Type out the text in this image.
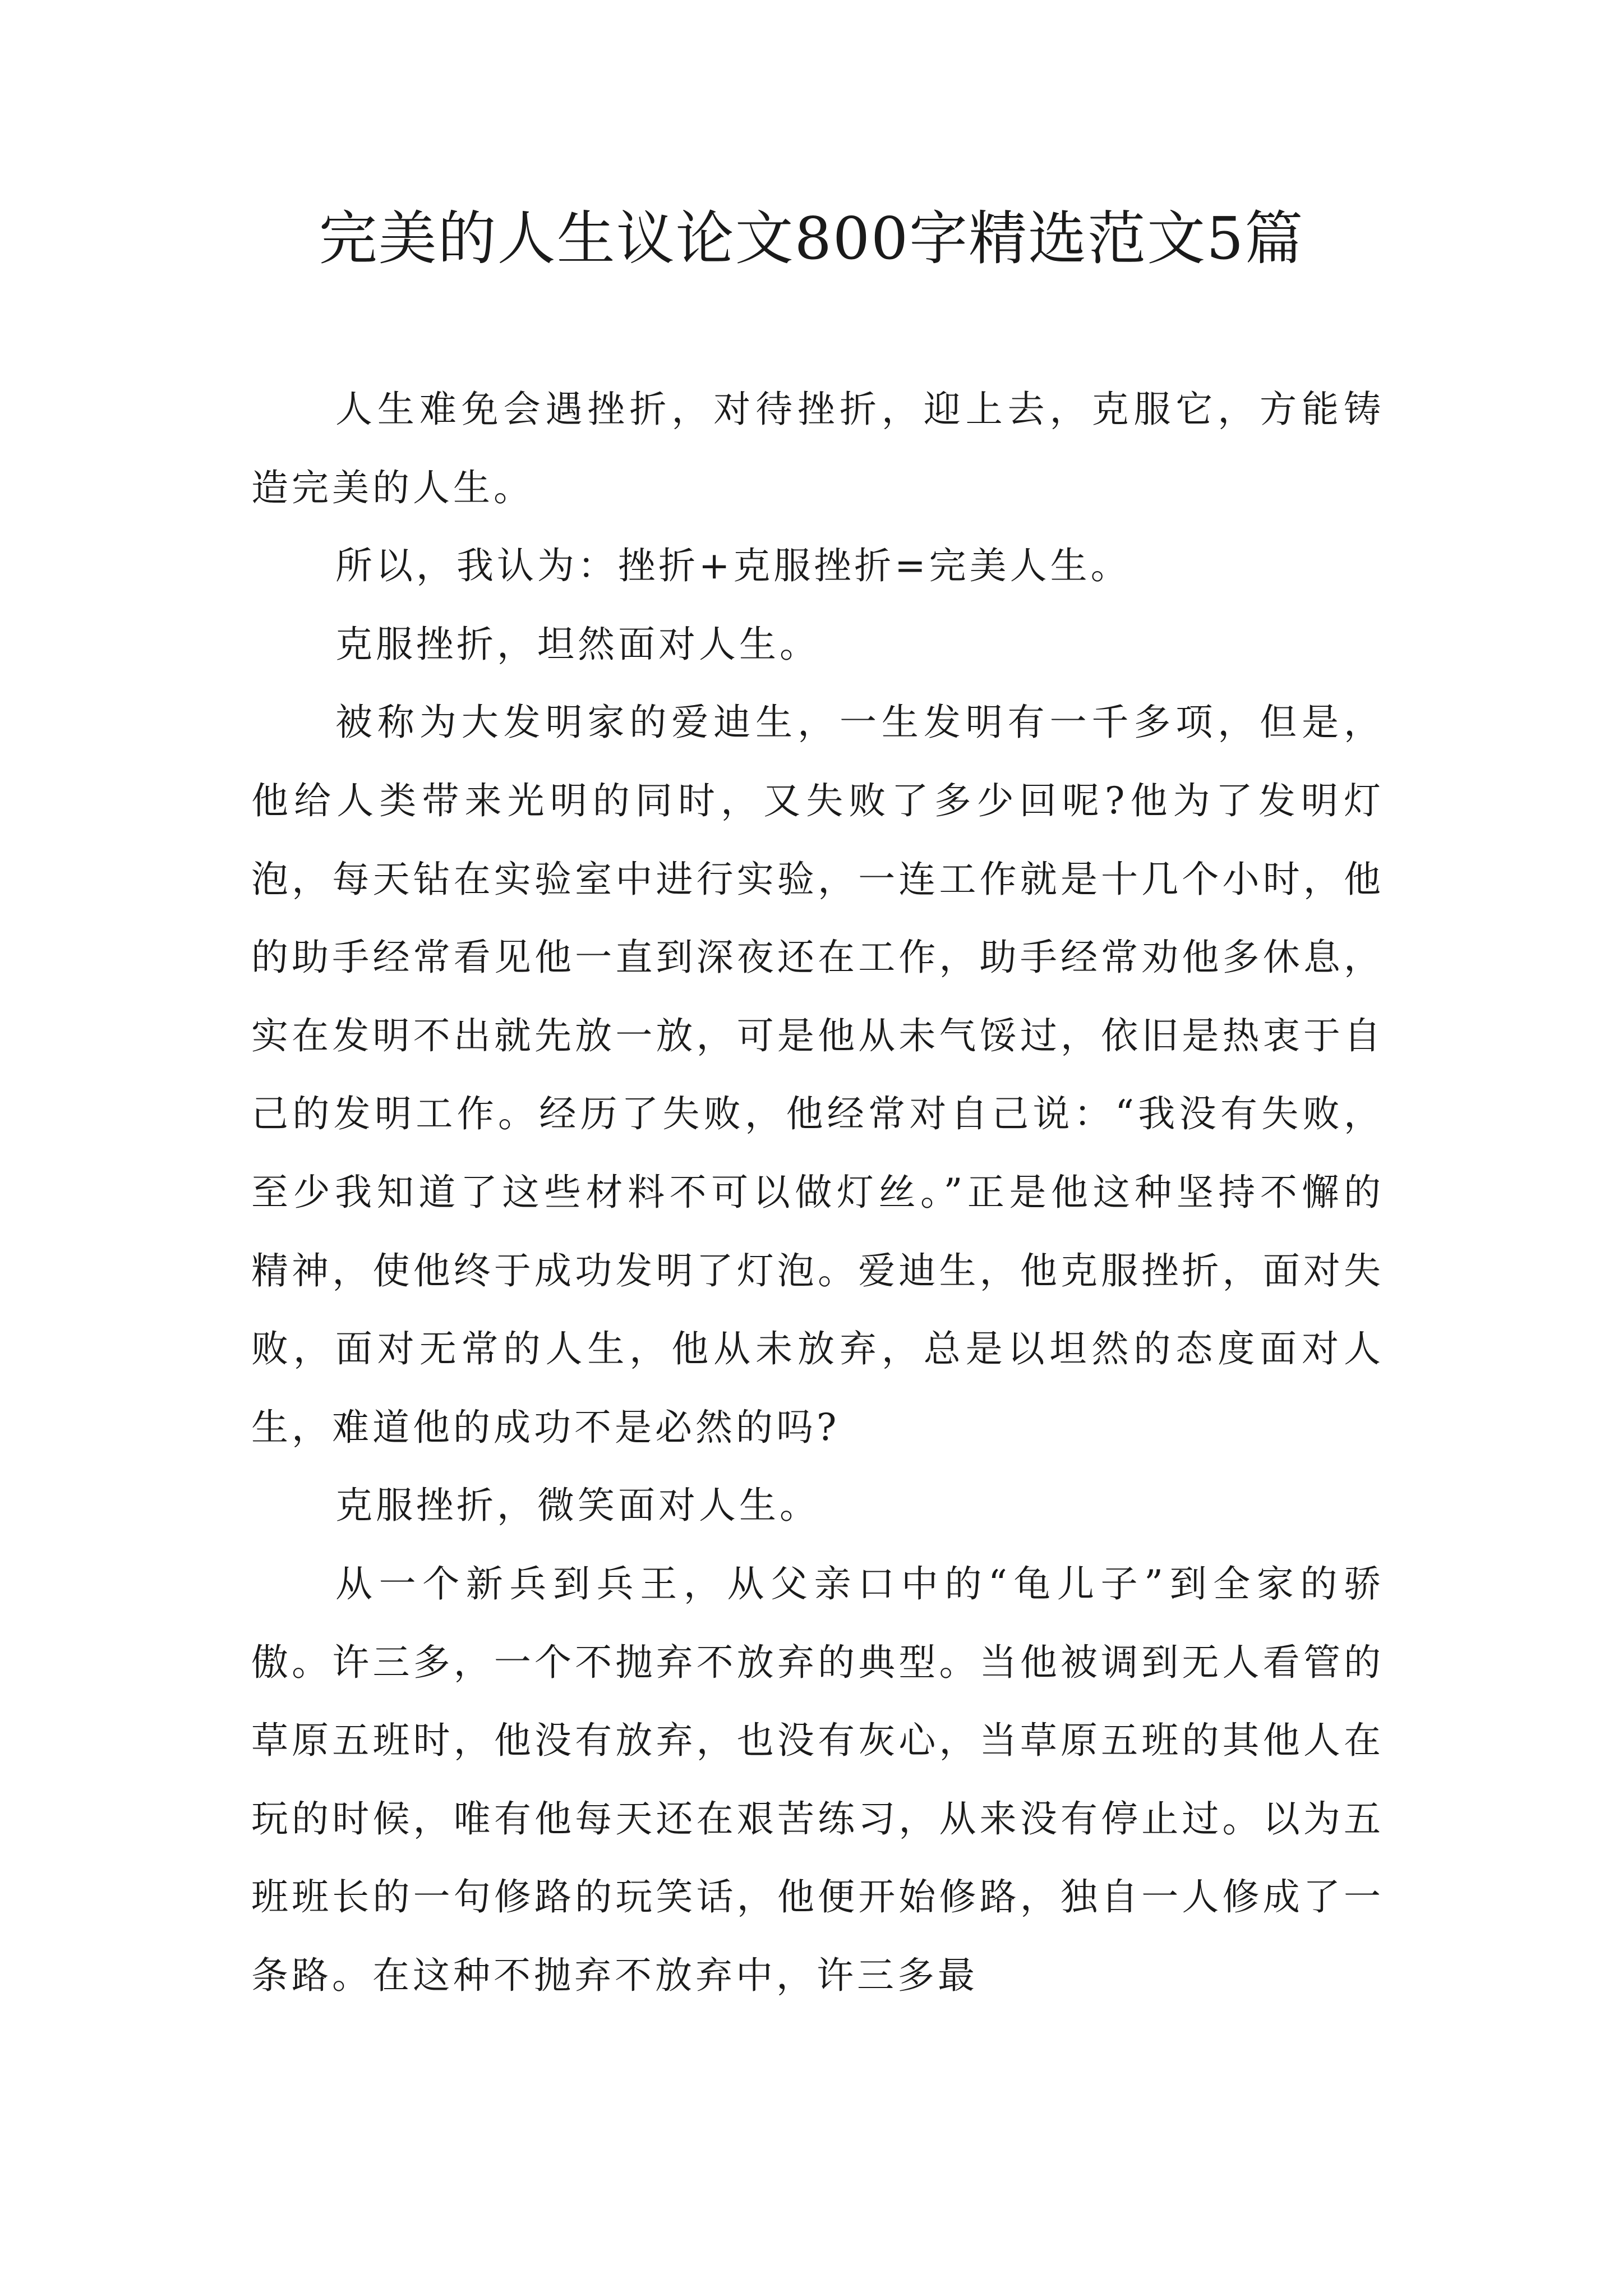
完美的人生议论文800字精选范文5篇

人生难免会遇挫折，对待挫折，迎上去，克服它，方能铸造完美的人生。

所以，我认为：挫折+克服挫折=完美人生。

克服挫折，坦然面对人生。

被称为大发明家的爱迪生，一生发明有一千多项，但是，他给人类带来光明的同时，又失败了多少回呢?他为了发明灯泡，每天钻在实验室中进行实验，一连工作就是十几个小时，他的助手经常看见他一直到深夜还在工作，助手经常劝他多休息，实在发明不出就先放一放，可是他从未气馁过，依旧是热衷于自己的发明工作。经历了失败，他经常对自己说：“我没有失败，至少我知道了这些材料不可以做灯丝。”正是他这种坚持不懈的精神，使他终于成功发明了灯泡。爱迪生，他克服挫折，面对失败，面对无常的人生，他从未放弃，总是以坦然的态度面对人生，难道他的成功不是必然的吗?

克服挫折，微笑面对人生。

从一个新兵到兵王，从父亲口中的“龟儿子”到全家的骄傲。许三多，一个不抛弃不放弃的典型。当他被调到无人看管的草原五班时，他没有放弃，也没有灰心，当草原五班的其他人在玩的时候，唯有他每天还在艰苦练习，从来没有停止过。以为五班班长的一句修路的玩笑话，他便开始修路，独自一人修成了一条路。在这种不抛弃不放弃中，许三多最
